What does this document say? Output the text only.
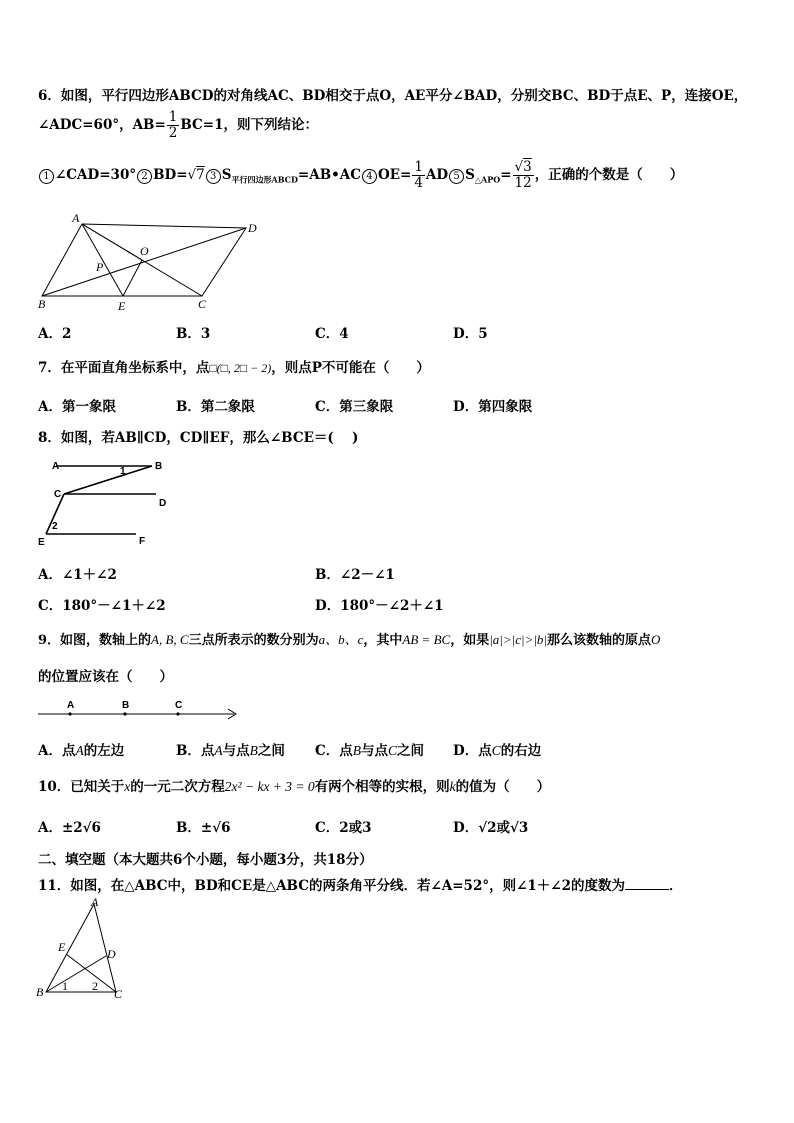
6．如图，平行四边形ABCD的对角线AC、BD相交于点O，AE平分∠BAD，分别交BC、BD于点E、P，连接OE，
∠ADC=60°，$AB= \frac{1}{2} BC=1$，则下列结论：
1 ∠CAD=30° 2 BD=√7 3 $S_{平行四边形ABCD}=AB•AC$ 4 $OE= \frac{1}{4}$ AD 5 $S_{\triangle APO}= \frac{√3}{12}$ ，正确的个数是（　　）
A
D
O
P
B	E	C
A．2	B．3	C．4	D．5
7．在平面直角坐标系中，点□(□, 2□ − 2)，则点P不可能在（　　）
A．第一象限	B．第二象限	C．第三象限	D．第四象限
8．如图，若AB∥CD，CD∥EF，那么∠BCE＝(　 )
A	B
1
C
D
2
E	F
A．∠1＋∠2	B．∠2－∠1
C．180°－∠1＋∠2	D．180°－∠2＋∠1
9．如图，数轴上的A, B, C三点所表示的数分别为a、b、c，其中AB = BC，如果|a|>|c|>|b|那么该数轴的原点O
的位置应该在（　　）
A	B	C
A．点A的左边	B．点A与点B之间 C．点B与点C之间 D．点C的右边
10．已知关于x的一元二次方程2x² − kx + 3 = 0有两个相等的实根，则k的值为（　　）
A．±2√6	B．±√6	C．2或3	D．√2或√3
二、填空题（本大题共6个小题，每小题3分，共18分）
11．如图，在△ABC中，BD和CE是△ABC的两条角平分线．若∠A=52°，则∠1＋∠2的度数为	．
A
E	D
B 1 2
C
